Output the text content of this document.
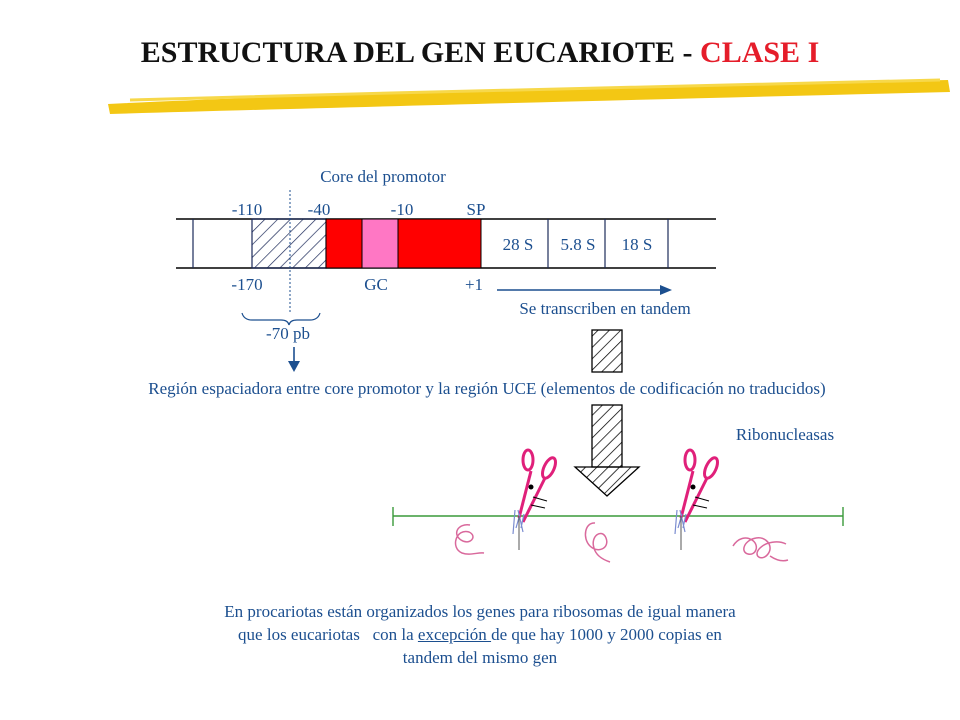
ESTRUCTURA DEL GEN EUCARIOTE - CLASE I
Core del promotor
-110	-40	-10	SP
28 S 5.8 S 18 S
-170	GC	+1
Se transcriben en tandem
-70 pb
Región espaciadora entre core promotor y la región UCE (elementos de codificación no traducidos)
Ribonucleasas
En procariotas están organizados los genes para ribosomas de igual manera
que los eucariotas   con la excepción de que hay 1000 y 2000 copias en
tandem del mismo gen
